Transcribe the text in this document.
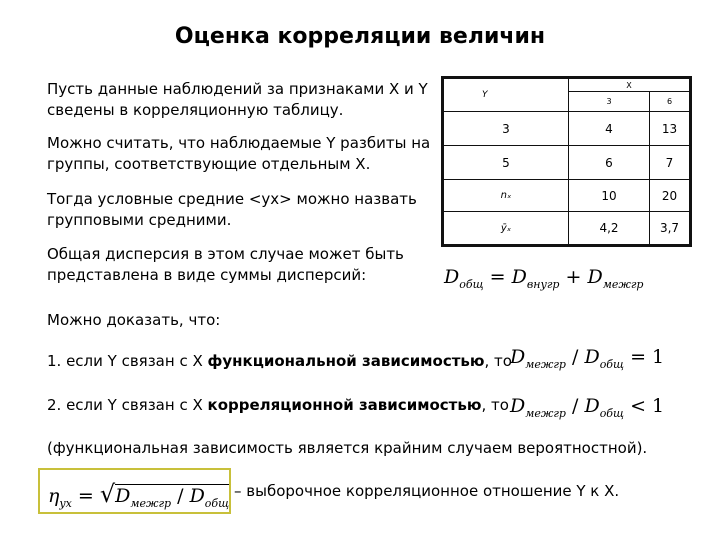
Оценка корреляции величин
Пусть данные наблюдений за признаками X и Y сведены в корреляционную таблицу.
Можно считать, что наблюдаемые Y разбиты на группы, соответствующие отдельным X.
Тогда условные средние <yx> можно назвать групповыми средними.
Общая дисперсия в этом случае может быть представлена в виде суммы дисперсий:
Можно доказать, что:
1. если Y связан с X функциональной зависимостью, то
2. если Y связан с X корреляционной зависимостью, то
(функциональная зависимость является крайним случаем вероятностной).
$D_{общ} = D_{внугр} + D_{межгр}$
$D_{межгр} / D_{общ} = 1$
$D_{межгр} / D_{общ} < 1$
$\eta_{yx} = √D_{межгр} / D_{общ}$
– выборочное корреляционное отношение Y к X.
Y	X	
	3	6
3	4	13
5	6	7
nₓ	10	20
ȳₓ	4,2	3,7
